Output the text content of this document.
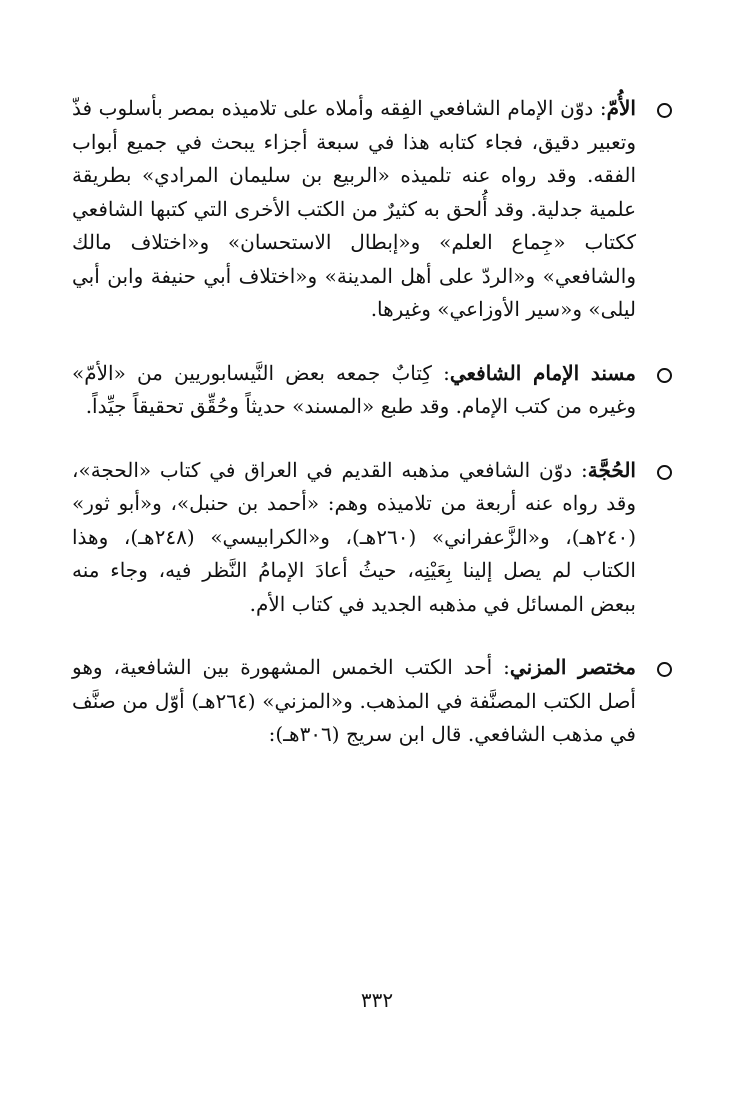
الأُمّ: دوّن الإمام الشافعي الفِقه وأملاه على تلاميذه بمصر بأسلوب فذّ وتعبير دقيق، فجاء كتابه هذا في سبعة أجزاء يبحث في جميع أبواب الفقه. وقد رواه عنه تلميذه «الربيع بن سليمان المرادي» بطريقة علمية جدلية. وقد أُلحق به كثيرٌ من الكتب الأخرى التي كتبها الشافعي ككتاب «جِماع العلم» و«إبطال الاستحسان» و«اختلاف مالك والشافعي» و«الردّ على أهل المدينة» و«اختلاف أبي حنيفة وابن أبي ليلى» و«سير الأوزاعي» وغيرها.

مسند الإمام الشافعي: كِتابٌ جمعه بعض النَّيسابوريين من «الأمّ» وغيره من كتب الإمام. وقد طبع «المسند» حديثاً وحُقِّق تحقيقاً جيِّداً.

الحُجَّة: دوّن الشافعي مذهبه القديم في العراق في كتاب «الحجة»، وقد رواه عنه أربعة من تلاميذه وهم: «أحمد بن حنبل»، و«أبو ثور» (٢٤٠هـ)، و«الزَّعفراني» (٢٦٠هـ)، و«الكرابيسي» (٢٤٨هـ)، وهذا الكتاب لم يصل إلينا بِعَيْنِه، حيثُ أعادَ الإمامُ النَّظر فيه، وجاء منه ببعض المسائل في مذهبه الجديد في كتاب الأم.

مختصر المزني: أحد الكتب الخمس المشهورة بين الشافعية، وهو أصل الكتب المصنَّفة في المذهب. و«المزني» (٢٦٤هـ) أوّل من صنَّف في مذهب الشافعي. قال ابن سريج (٣٠٦هـ):

٣٣٢
